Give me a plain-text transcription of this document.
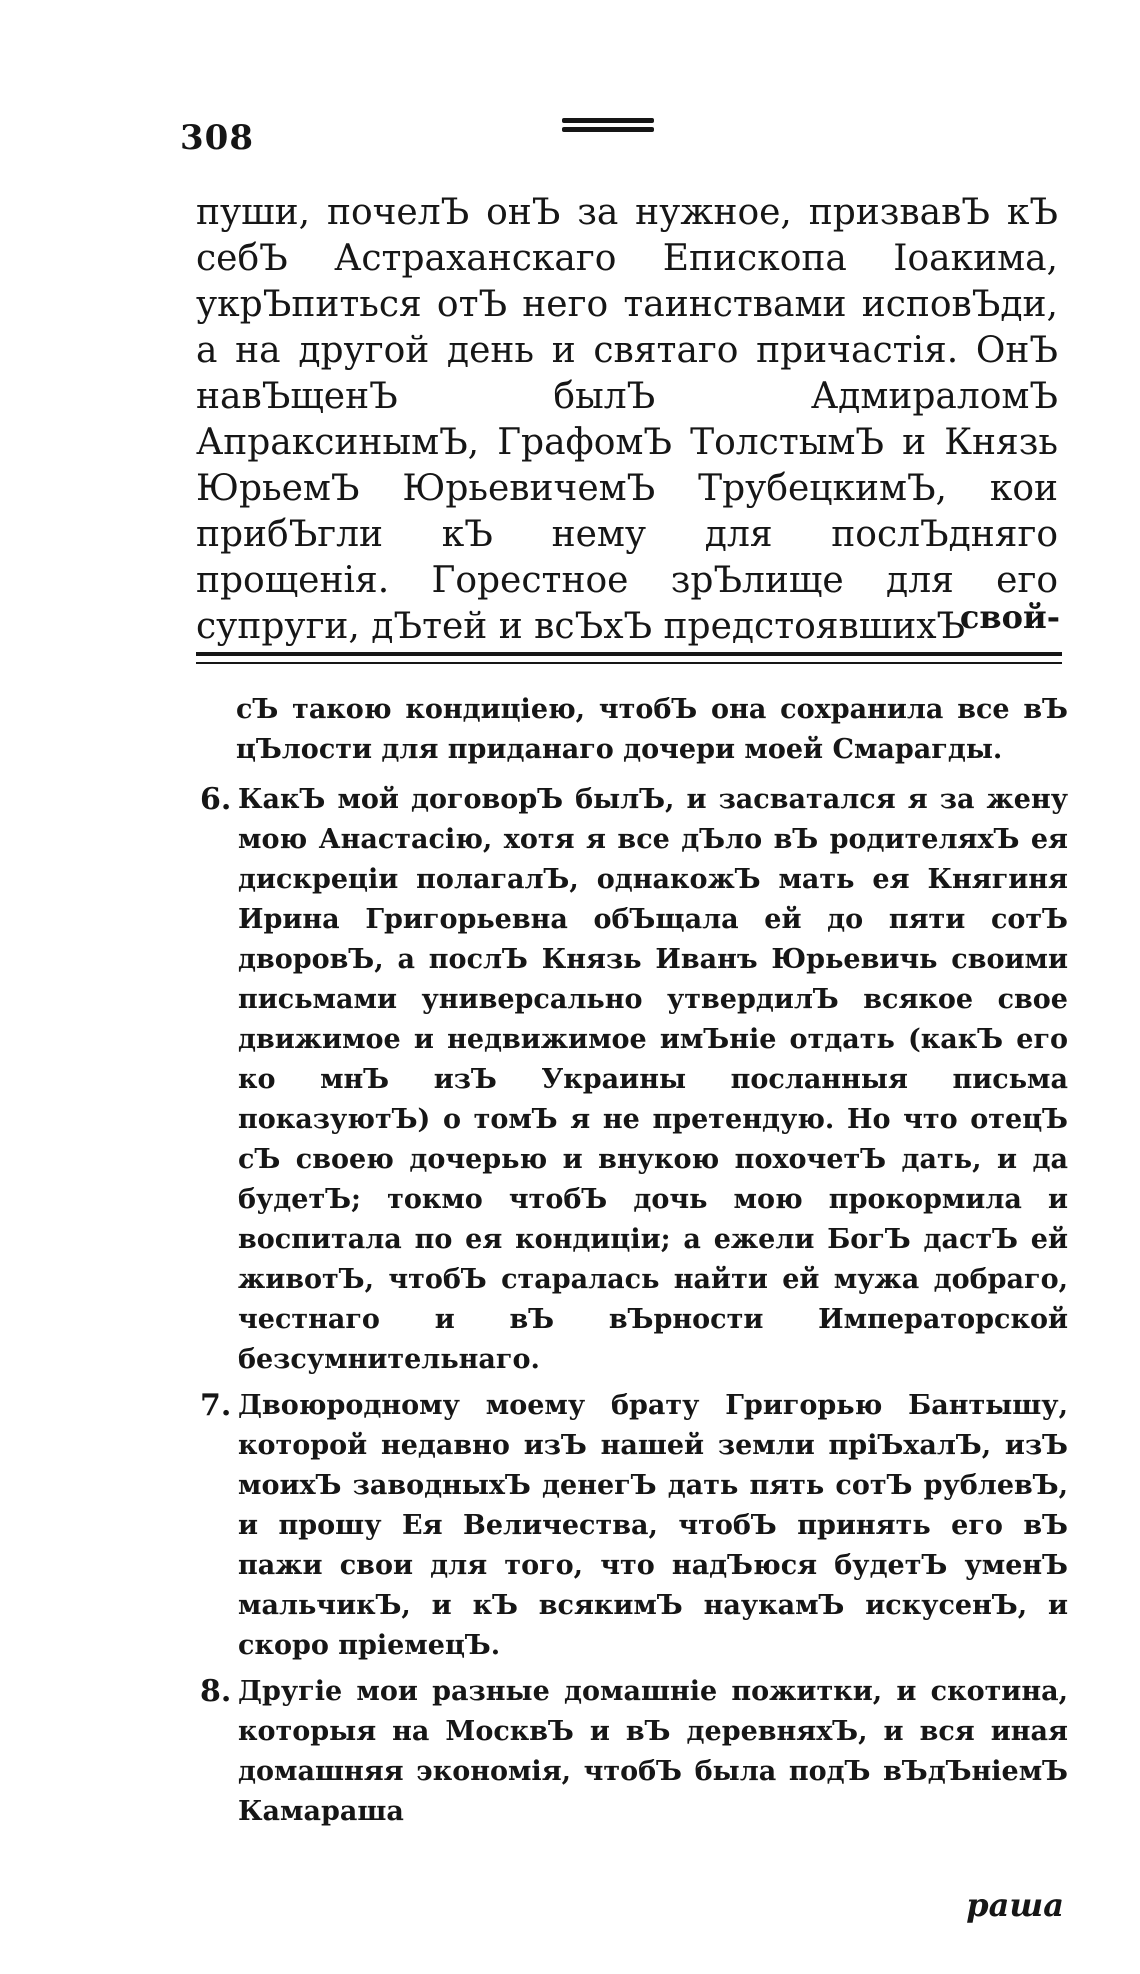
308

пуши, почелЪ онЪ за нужное, призвавЪ кЪ себЪ Астраханскаго Епископа Іоакима, укрЪпиться отЪ него таинствами исповЪди, а на другой день и святаго причастія. ОнЪ навЪщенЪ былЪ АдмираломЪ АпраксинымЪ, ГрафомЪ ТолстымЪ и Князь ЮрьемЪ ЮрьевичемЪ ТрубецкимЪ, кои прибЪгли кЪ нему для послЪдняго прощенія. Горестное зрЪлище для его супруги, дЪтей и всЪхЪ предстоявшихЪ

свой-

сЪ такою кондиціею, чтобЪ она сохранила все вЪ цЪлости для приданаго дочери моей Смарагды.

6. КакЪ мой договорЪ былЪ, и засватался я за жену мою Анастасію, хотя я все дЪло вЪ родителяхЪ ея дискреціи полагалЪ, однакожЪ мать ея Княгиня Ирина Григорьевна обЪщала ей до пяти сотЪ дворовЪ, а послЪ Князь Иванъ Юрьевичь своими письмами универсально утвердилЪ всякое свое движимое и недвижимое имЪніе отдать (какЪ его ко мнЪ изЪ Украины посланныя письма показуютЪ) о томЪ я не претендую. Но что отецЪ сЪ своею дочерью и внукою похочетЪ дать, и да будетЪ; токмо чтобЪ дочь мою прокормила и воспитала по ея кондиціи; а ежели БогЪ дастЪ ей животЪ, чтобЪ старалась найти ей мужа добраго, честнаго и вЪ вЪрности Императорской безсумнительнаго.
7. Двоюродному моему брату Григорью Бантышу, которой недавно изЪ нашей земли пріЪхалЪ, изЪ моихЪ заводныхЪ денегЪ дать пять сотЪ рублевЪ, и прошу Ея Величества, чтобЪ принять его вЪ пажи свои для того, что надЪюся будетЪ уменЪ мальчикЪ, и кЪ всякимЪ наукамЪ искусенЪ, и скоро пріемецЪ.
8. Другіе мои разные домашніе пожитки, и скотина, которыя на МосквЪ и вЪ деревняхЪ, и вся иная домашняя экономія, чтобЪ была подЪ вЪдЪніемЪ Камараша
раша
